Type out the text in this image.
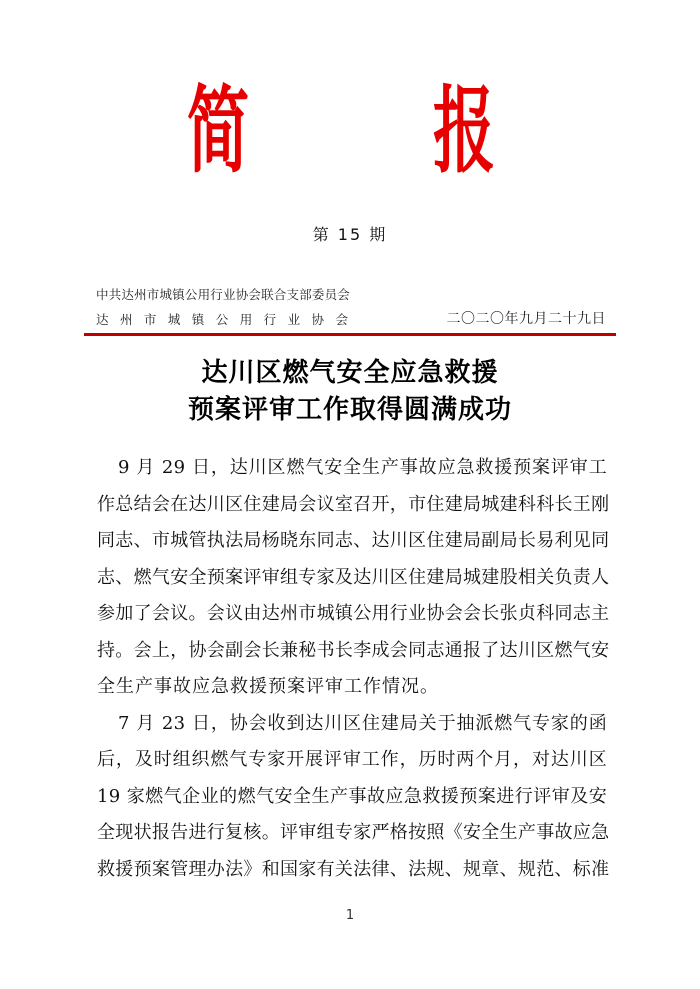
简 报
第 15 期
中共达州市城镇公用行业协会联合支部委员会
达州市城镇公用行业协会	二〇二〇年九月二十九日
达川区燃气安全应急救援
预案评审工作取得圆满成功
9 月 29 日，达川区燃气安全生产事故应急救援预案评审工
作总结会在达川区住建局会议室召开，市住建局城建科科长王刚
同志、市城管执法局杨晓东同志、达川区住建局副局长易利见同
志、燃气安全预案评审组专家及达川区住建局城建股相关负责人
参加了会议。会议由达州市城镇公用行业协会会长张贞科同志主
持。会上，协会副会长兼秘书长李成会同志通报了达川区燃气安
全生产事故应急救援预案评审工作情况。
7 月 23 日，协会收到达川区住建局关于抽派燃气专家的函
后，及时组织燃气专家开展评审工作，历时两个月，对达川区
19 家燃气企业的燃气安全生产事故应急救援预案进行评审及安
全现状报告进行复核。评审组专家严格按照《安全生产事故应急
救援预案管理办法》和国家有关法律、法规、规章、规范、标准
1
